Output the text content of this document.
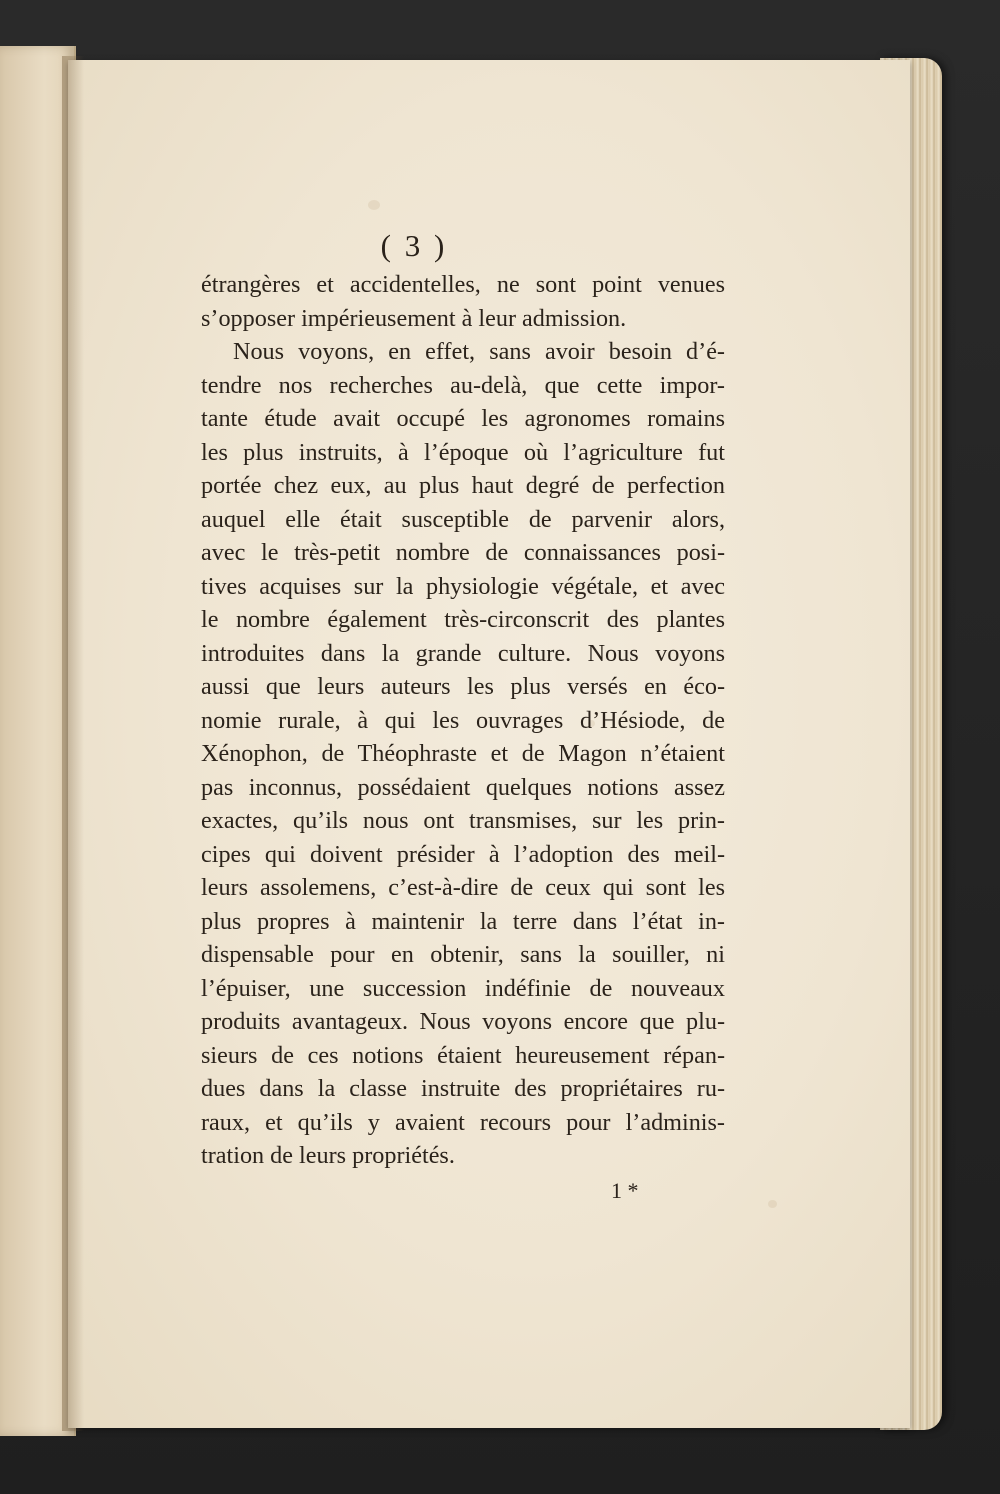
( 3 )
étrangères et accidentelles, ne sont point venues
s’opposer impérieusement à leur admission.
Nous voyons, en effet, sans avoir besoin d’é-
tendre nos recherches au-delà, que cette impor-
tante étude avait occupé les agronomes romains
les plus instruits, à l’époque où l’agriculture fut
portée chez eux, au plus haut degré de perfection
auquel elle était susceptible de parvenir alors,
avec le très-petit nombre de connaissances posi-
tives acquises sur la physiologie végétale, et avec
le nombre également très-circonscrit des plantes
introduites dans la grande culture. Nous voyons
aussi que leurs auteurs les plus versés en éco-
nomie rurale, à qui les ouvrages d’Hésiode, de
Xénophon, de Théophraste et de Magon n’étaient
pas inconnus, possédaient quelques notions assez
exactes, qu’ils nous ont transmises, sur les prin-
cipes qui doivent présider à l’adoption des meil-
leurs assolemens, c’est-à-dire de ceux qui sont les
plus propres à maintenir la terre dans l’état in-
dispensable pour en obtenir, sans la souiller, ni
l’épuiser, une succession indéfinie de nouveaux
produits avantageux. Nous voyons encore que plu-
sieurs de ces notions étaient heureusement répan-
dues dans la classe instruite des propriétaires ru-
raux, et qu’ils y avaient recours pour l’adminis-
tration de leurs propriétés.
1 *
